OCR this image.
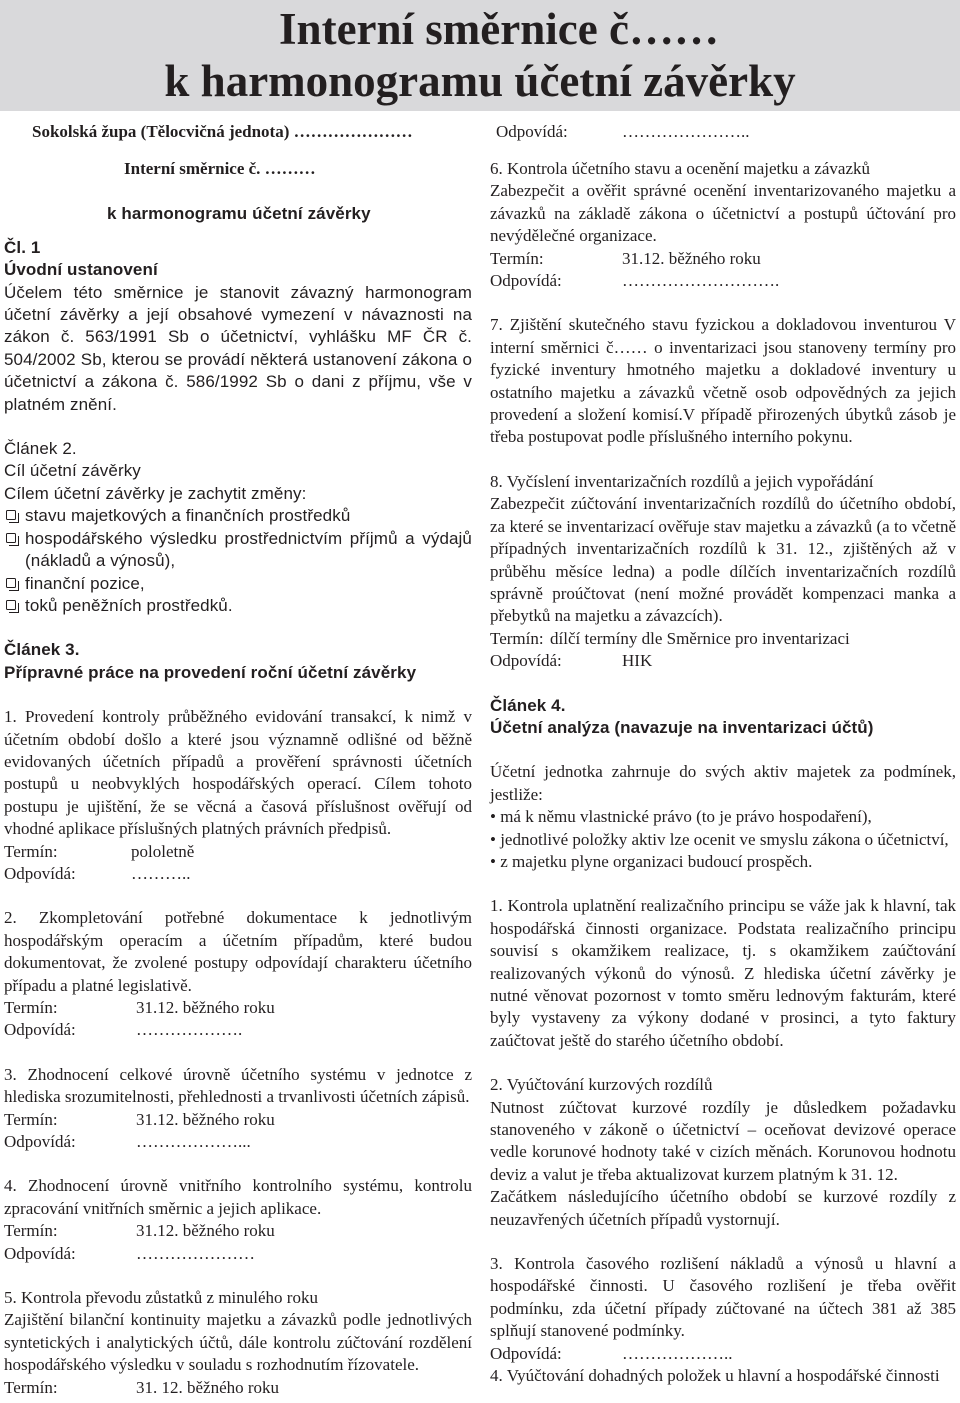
Interní směrnice č……
k harmonogramu účetní závěrky
Sokolská župa (Tělocvičná jednota) …………………	Odpovídá:	…………………..

Interní směrnice č. ………

k harmonogramu účetní závěrky

Čl. 1

Úvodní ustanovení

Účelem této směrnice je stanovit závazný harmonogram účetní závěrky a její obsahové vymezení v návaznosti na zákon č. 563/1991 Sb o účetnictví, vyhlášku MF ČR č. 504/2002 Sb, kterou se provádí některá ustanovení zákona o účetnictví a zákona č. 586/1992 Sb o dani z příjmu, vše v platném znění.

Článek 2.

Cíl účetní závěrky

Cílem účetní závěrky je zachytit změny:

stavu majetkových a finančních prostředků
hospodářského výsledku prostřednictvím příjmů a výdajů (nákladů a výnosů),
finanční pozice,
toků peněžních prostředků.

Článek 3.

Přípravné práce na provedení roční účetní závěrky

1. Provedení kontroly průběžného evidování transakcí, k nimž v účetním období došlo a které jsou významně odlišné od běžně evidovaných účetních případů a prověření správnosti účetních postupů u neobvyklých hospodářských operací. Cílem tohoto postupu je ujištění, že se věcná a časová příslušnost ověřují od vhodné aplikace příslušných platných právních předpisů.

Termín:	pololetně
Odpovídá:	………..

2. Zkompletování potřebné dokumentace k jednotlivým hospodářským operacím a účetním případům, které budou dokumentovat, že zvolené postupy odpovídají charakteru účetního případu a platné legislativě.

Termín:	31.12. běžného roku
Odpovídá:	……………….

3. Zhodnocení celkové úrovně účetního systému v jednotce z hlediska srozumitelnosti, přehlednosti a trvanlivosti účetních zápisů.

Termín:	31.12. běžného roku
Odpovídá:	………………...

4. Zhodnocení úrovně vnitřního kontrolního systému, kontrolu zpracování vnitřních směrnic a jejich aplikace.

Termín:	31.12. běžného roku
Odpovídá:	…………………

5. Kontrola převodu zůstatků z minulého roku

Zajištění bilanční kontinuity majetku a závazků podle jednotlivých syntetických i analytických účtů, dále kontrolu zúčtování rozdělení hospodářského výsledku v souladu s rozhodnutím řízovatele.

Termín:	31. 12. běžného roku

6. Kontrola účetního stavu a ocenění majetku a závazků

Zabezpečit a ověřit správné ocenění inventarizovaného majetku a závazků na základě zákona o účetnictví a postupů účtování pro nevýdělečné organizace.

Termín:	31.12. běžného roku
Odpovídá:	……………………….

7. Zjištění skutečného stavu fyzickou a dokladovou inventurou V interní směrnici č…… o inventarizaci jsou stanoveny termíny pro fyzické inventury hmotného majetku a dokladové inventury u ostatního majetku a závazků včetně osob odpovědných za jejich provedení a složení komisí.V případě přirozených úbytků zásob je třeba postupovat podle příslušného interního pokynu.

8. Vyčíslení inventarizačních rozdílů a jejich vypořádání

Zabezpečit zúčtování inventarizačních rozdílů do účetního období, za které se inventarizací ověřuje stav majetku a závazků (a to včetně případných inventarizačních rozdílů k 31. 12., zjištěných až v průběhu měsíce ledna) a podle dílčích inventarizačních rozdílů správně proúčtovat (není možné provádět kompenzaci manka a přebytků na majetku a závazcích).

Termín: dílčí termíny dle Směrnice pro inventarizaci
Odpovídá:	HIK

Článek 4.

Účetní analýza (navazuje na inventarizaci účtů)

Účetní jednotka zahrnuje do svých aktiv majetek za podmínek, jestliže:

• má k němu vlastnické právo (to je právo hospodaření),

• jednotlivé položky aktiv lze ocenit ve smyslu zákona o účetnictví,

• z majetku plyne organizaci budoucí prospěch.

1. Kontrola uplatnění realizačního principu se váže jak k hlavní, tak hospodářská činnosti organizace. Podstata realizačního principu souvisí s okamžikem realizace, tj. s okamžikem zaúčtování realizovaných výkonů do výnosů. Z hlediska účetní závěrky je nutné věnovat pozornost v tomto směru lednovým fakturám, které byly vystaveny za výkony dodané v prosinci, a tyto faktury zaúčtovat ještě do starého účetního období.

2. Vyúčtování kurzových rozdílů

Nutnost zúčtovat kurzové rozdíly je důsledkem požadavku stanoveného v zákoně o účetnictví – oceňovat devizové operace vedle korunové hodnoty také v cizích měnách. Korunovou hodnotu deviz a valut je třeba aktualizovat kurzem platným k 31. 12.

Začátkem následujícího účetního období se kurzové rozdíly z neuzavřených účetních případů vystornují.

3. Kontrola časového rozlišení nákladů a výnosů u hlavní a hospodářské činnosti. U časového rozlišení je třeba ověřit podmínku, zda účetní případy zúčtované na účtech 381 až 385 splňují stanovené podmínky.

Odpovídá:	………………..

4. Vyúčtování dohadných položek u hlavní a hospodářské činnosti
